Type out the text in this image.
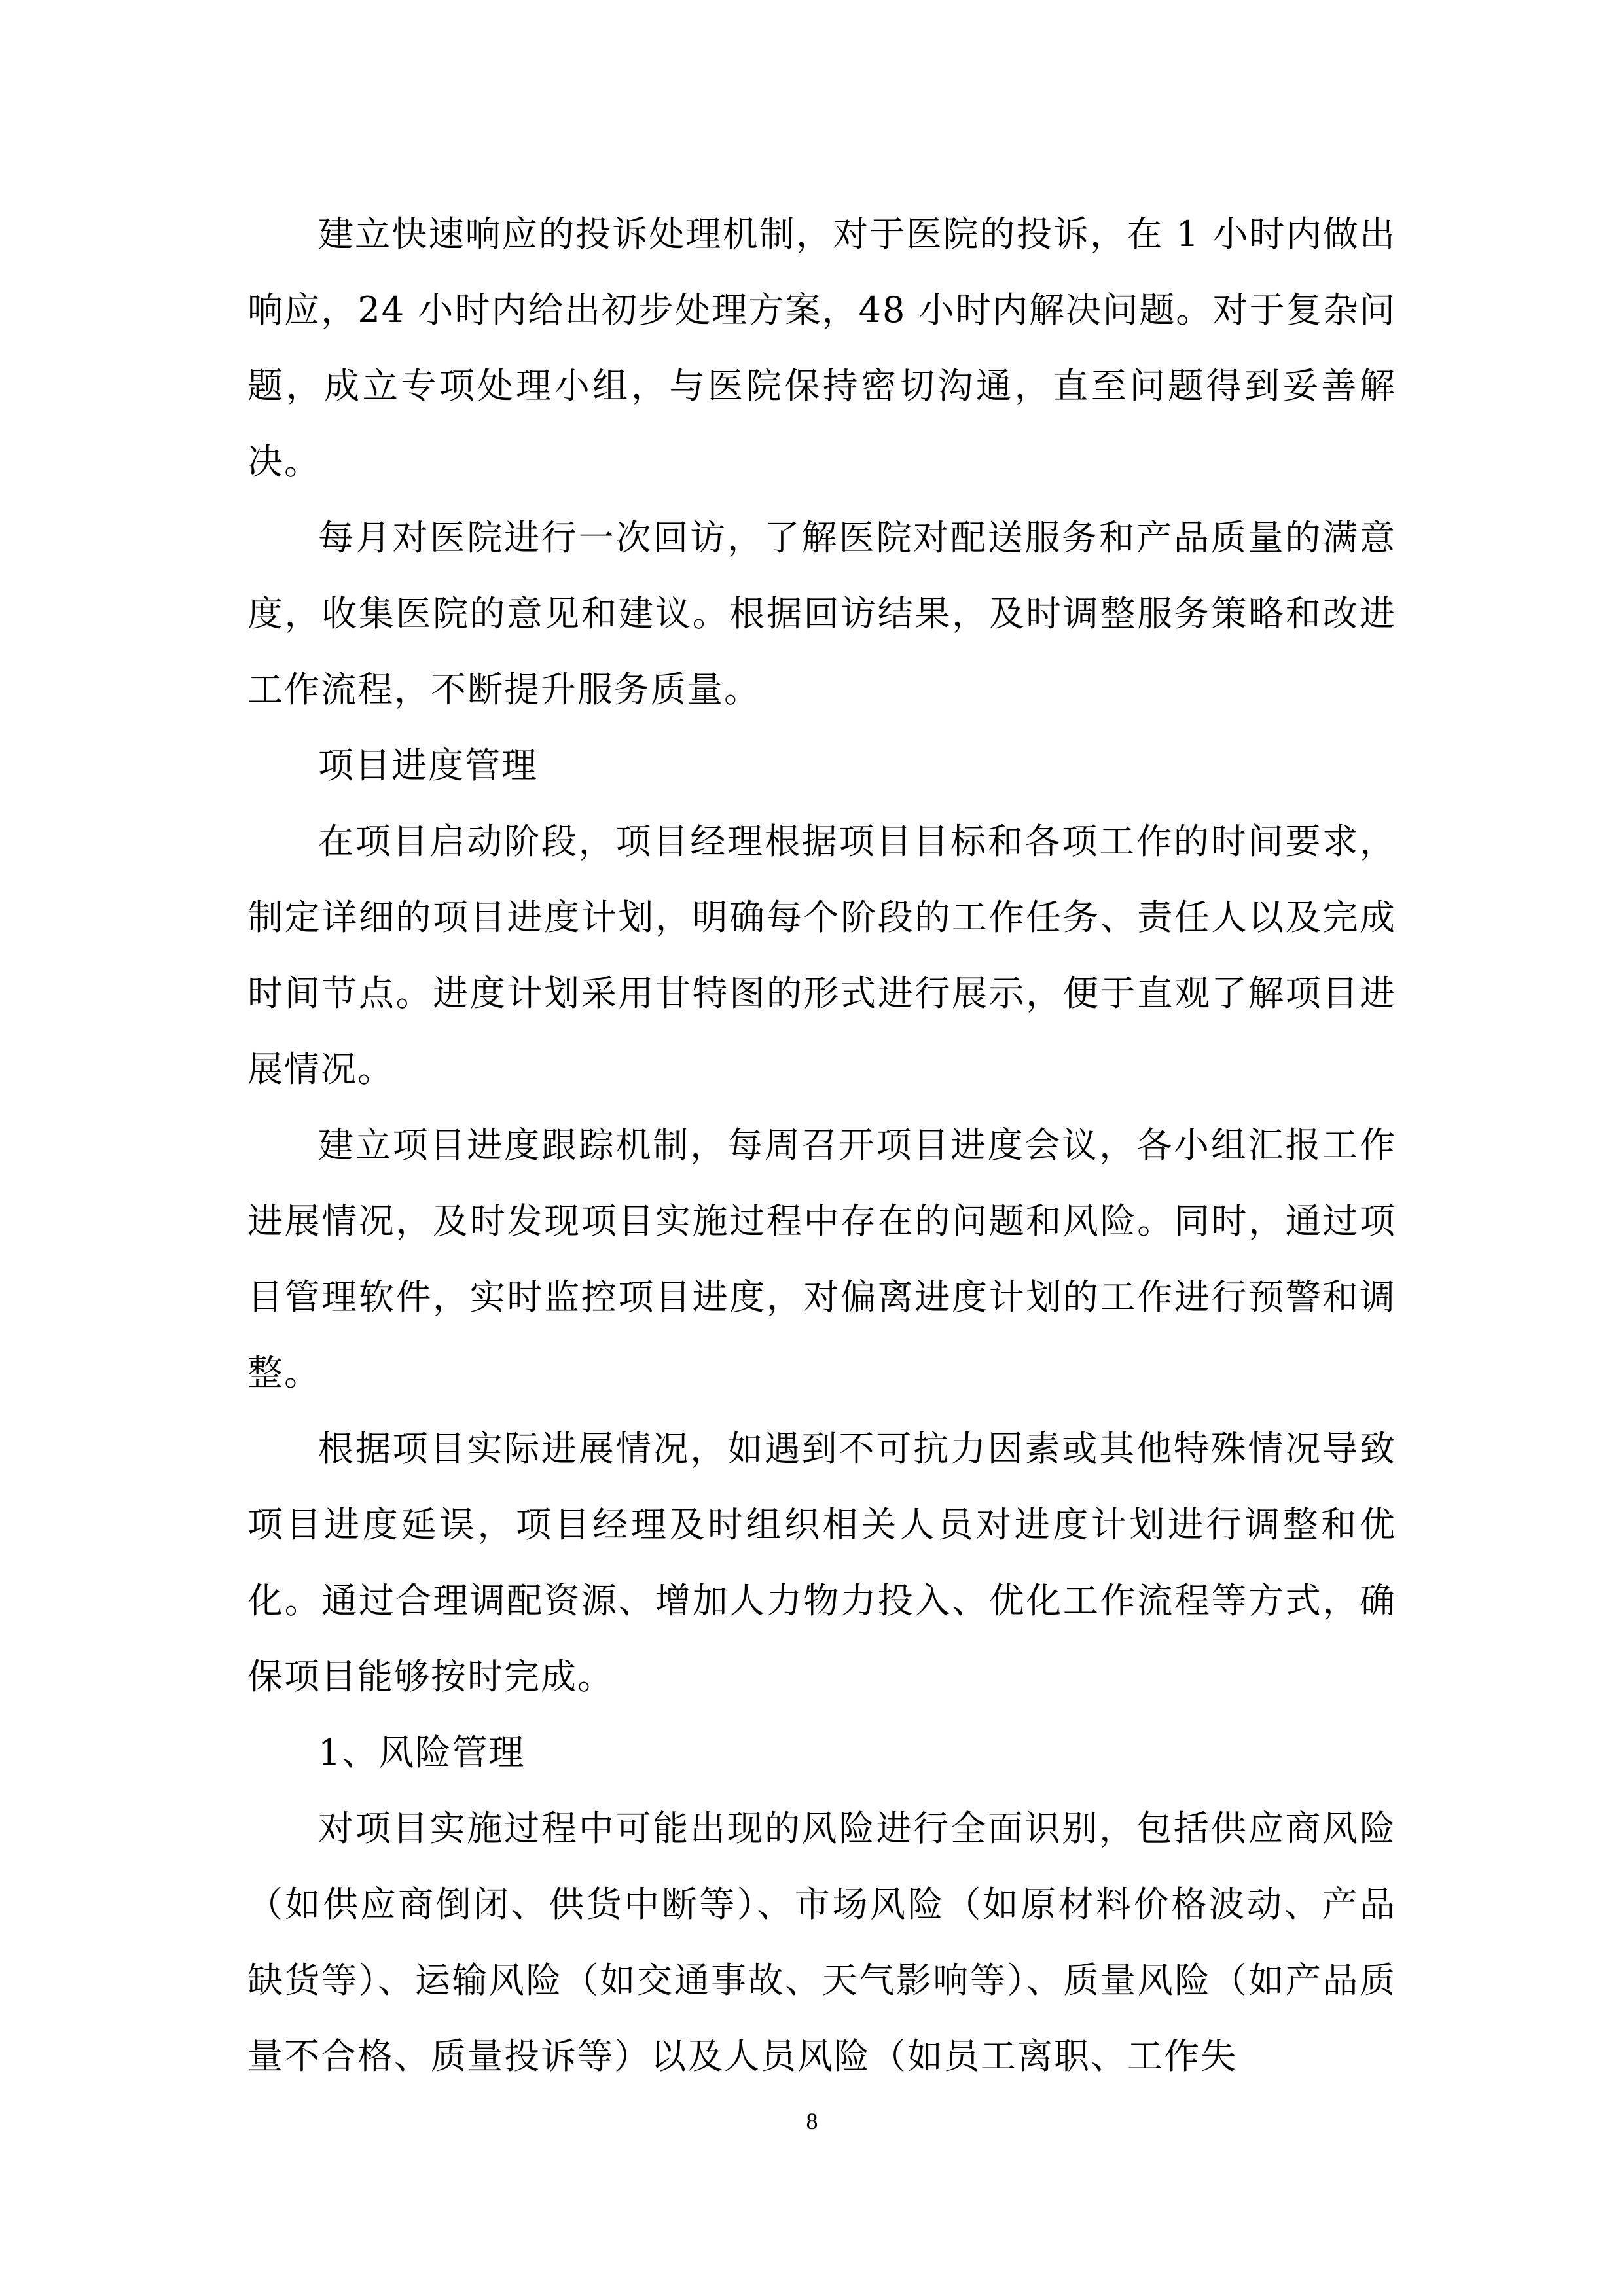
建立快速响应的投诉处理机制，对于医院的投诉，在 1 小时内做出响应，24 小时内给出初步处理方案，48 小时内解决问题。对于复杂问题，成立专项处理小组，与医院保持密切沟通，直至问题得到妥善解决。

每月对医院进行一次回访，了解医院对配送服务和产品质量的满意度，收集医院的意见和建议。根据回访结果，及时调整服务策略和改进工作流程，不断提升服务质量。

项目进度管理

在项目启动阶段，项目经理根据项目目标和各项工作的时间要求，制定详细的项目进度计划，明确每个阶段的工作任务、责任人以及完成时间节点。进度计划采用甘特图的形式进行展示，便于直观了解项目进展情况。

建立项目进度跟踪机制，每周召开项目进度会议，各小组汇报工作进展情况，及时发现项目实施过程中存在的问题和风险。同时，通过项目管理软件，实时监控项目进度，对偏离进度计划的工作进行预警和调整。

根据项目实际进展情况，如遇到不可抗力因素或其他特殊情况导致项目进度延误，项目经理及时组织相关人员对进度计划进行调整和优化。通过合理调配资源、增加人力物力投入、优化工作流程等方式，确保项目能够按时完成。

1、风险管理

对项目实施过程中可能出现的风险进行全面识别，包括供应商风险（如供应商倒闭、供货中断等）、市场风险（如原材料价格波动、产品缺货等）、运输风险（如交通事故、天气影响等）、质量风险（如产品质量不合格、质量投诉等）以及人员风险（如员工离职、工作失

8
